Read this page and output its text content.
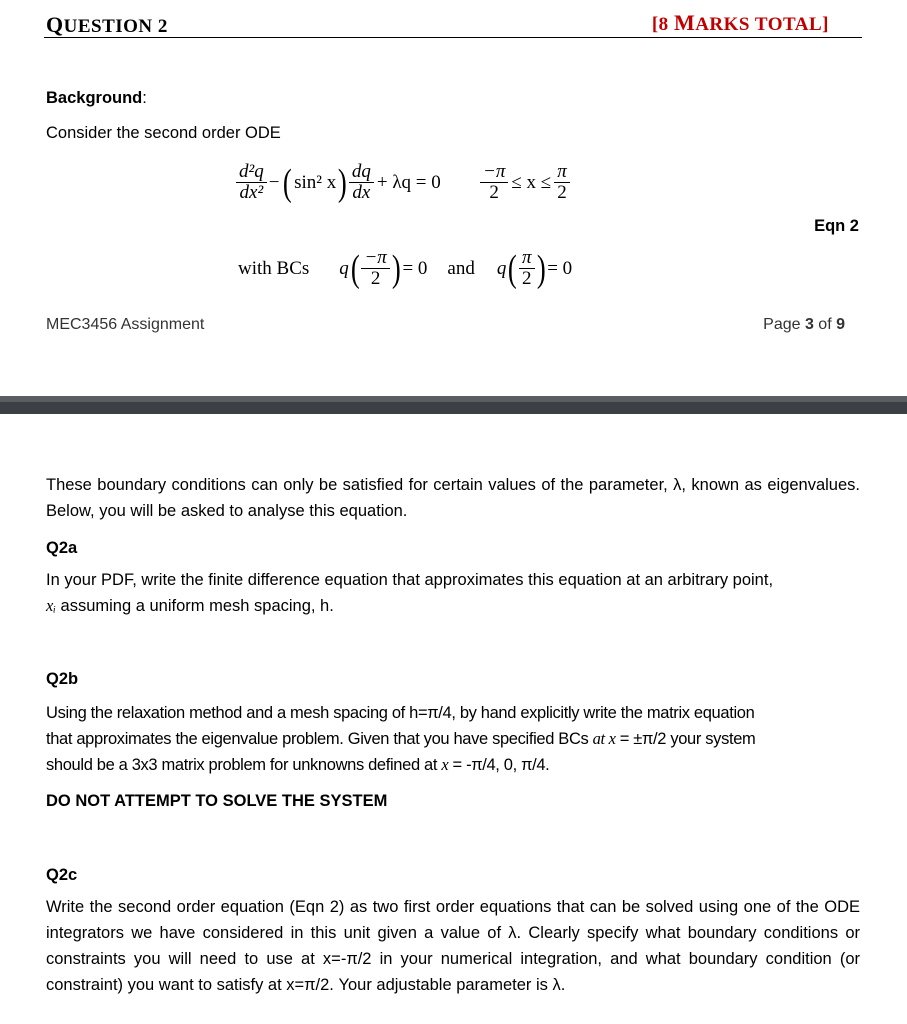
QUESTION 2	[8 MARKS TOTAL]
Background:
Consider the second order ODE
$\frac{\text{d²q}}{\text{dx²}}$ − ( sin² x ) $\frac{dq}{dx} + \lambda q = 0 \frac{-\pi}{2} \le x \le \frac{\pi}{2}$
Eqn 2
with BCs q ( $\frac{-\pi}{2}$ ) = 0 and q ( $\frac{\pi}{2}$ ) = 0
MEC3456 Assignment	Page 3 of 9
These boundary conditions can only be satisfied for certain values of the parameter, λ, known as eigenvalues. Below, you will be asked to analyse this equation.
Q2a
In your PDF, write the finite difference equation that approximates this equation at an arbitrary point,
xᵢ assuming a uniform mesh spacing, h.
Q2b
Using the relaxation method and a mesh spacing of h=π/4, by hand explicitly write the matrix equation
that approximates the eigenvalue problem. Given that you have specified BCs at x = ±π/2 your system
should be a 3x3 matrix problem for unknowns defined at x = -π/4, 0, π/4.
DO NOT ATTEMPT TO SOLVE THE SYSTEM
Q2c
Write the second order equation (Eqn 2) as two first order equations that can be solved using one of the ODE integrators we have considered in this unit given a value of λ. Clearly specify what boundary conditions or constraints you will need to use at x=-π/2 in your numerical integration, and what boundary condition (or constraint) you want to satisfy at x=π/2. Your adjustable parameter is λ.
